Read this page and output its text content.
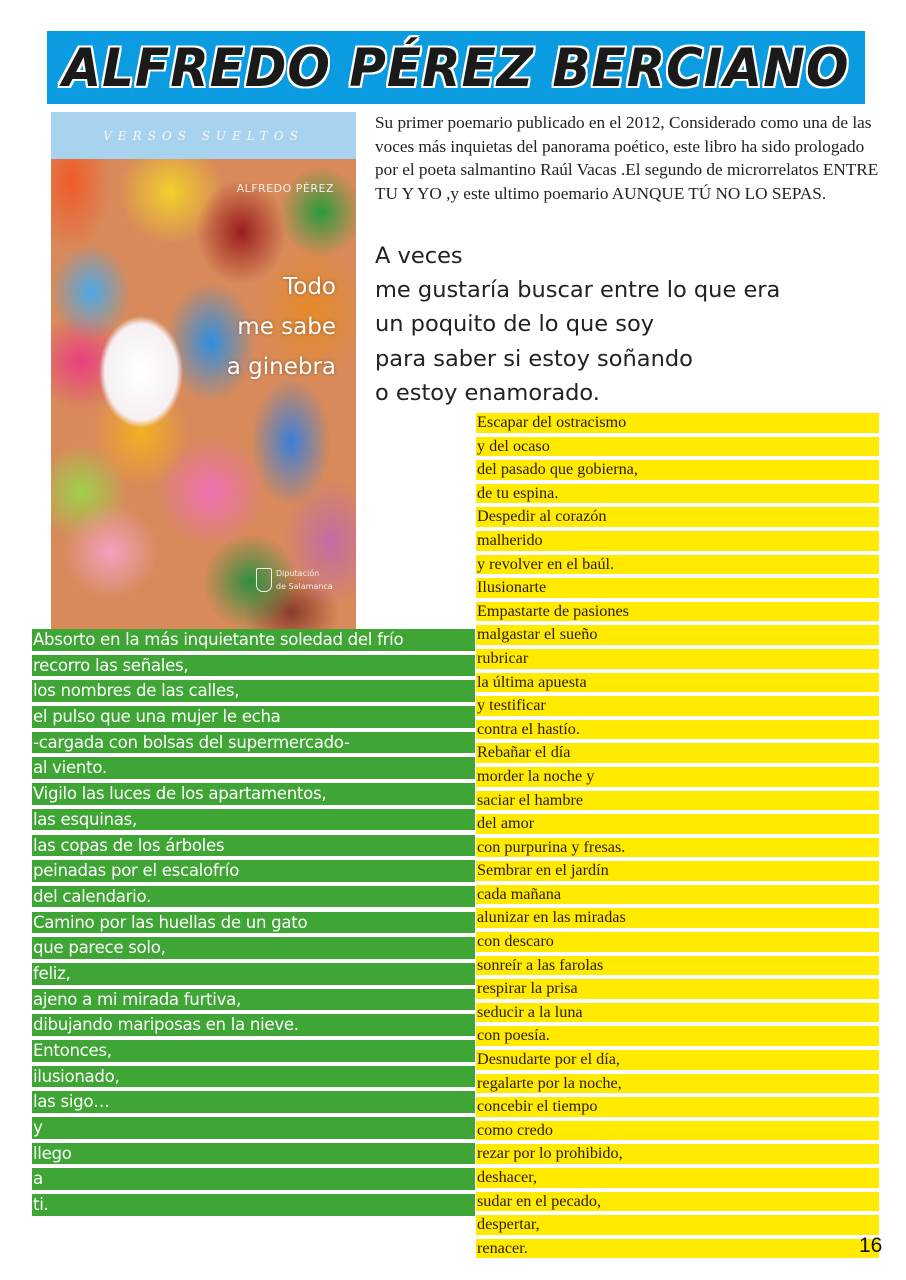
ALFREDO PÉREZ BERCIANO
VERSOS SUELTOS
ALFREDO PÉREZ
Todo
me sabe
a ginebra
Diputación
de Salamanca
Su primer poemario publicado en el 2012, Considerado como una de las voces más inquietas del panorama poético, este libro ha sido prologado por el poeta salmantino Raúl Vacas .El segundo de microrrelatos ENTRE TU Y YO ,y este ultimo poemario AUNQUE TÚ NO LO SEPAS.
A veces
me gustaría buscar entre lo que era
un poquito de lo que soy
para saber si estoy soñando
o estoy enamorado.
Escapar del ostracismo
y del ocaso
del pasado que gobierna,
de tu espina.
Despedir al corazón
malherido
y revolver en el baúl.
Ilusionarte
Empastarte de pasiones
malgastar el sueño
rubricar
la última apuesta
y testificar
contra el hastío.
Rebañar el día
morder la noche y
saciar el hambre
del amor
con purpurina y fresas.
Sembrar en el jardín
cada mañana
alunizar en las miradas
con descaro
sonreír a las farolas
respirar la prisa
seducir a la luna
con poesía.
Desnudarte por el día,
regalarte por la noche,
concebir el tiempo
como credo
rezar por lo prohibido,
deshacer,
sudar en el pecado,
despertar,
renacer.
Absorto en la más inquietante soledad del frío
recorro las señales,
los nombres de las calles,
el pulso que una mujer le echa
-cargada con bolsas del supermercado-
al viento.
Vigilo las luces de los apartamentos,
las esquinas,
las copas de los árboles
peinadas por el escalofrío
del calendario.
Camino por las huellas de un gato
que parece solo,
feliz,
ajeno a mi mirada furtiva,
dibujando mariposas en la nieve.
Entonces,
ilusionado,
las sigo…
y
llego
a
ti.
16
